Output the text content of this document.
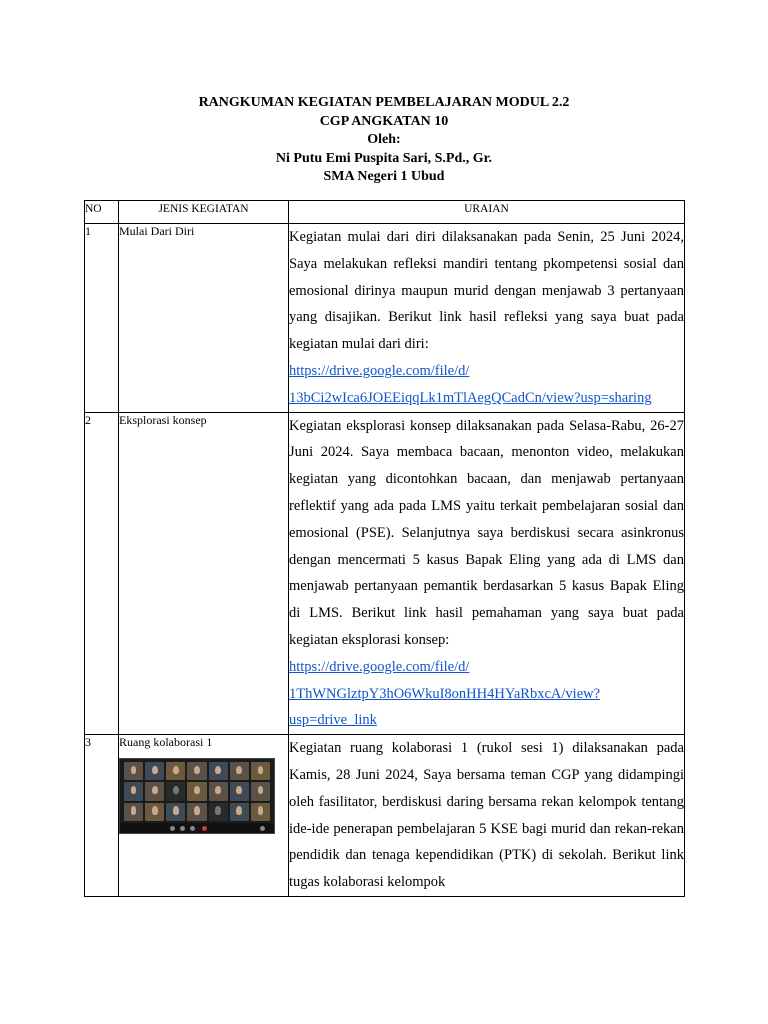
RANGKUMAN KEGIATAN PEMBELAJARAN MODUL 2.2
CGP ANGKATAN 10
Oleh:
Ni Putu Emi Puspita Sari, S.Pd., Gr.
SMA Negeri 1 Ubud
NO	JENIS KEGIATAN	URAIAN
1	Mulai Dari Diri	Kegiatan mulai dari diri dilaksanakan pada Senin, 25 Juni 2024, Saya melakukan refleksi mandiri tentang pkompetensi sosial dan emosional dirinya maupun murid dengan menjawab 3 pertanyaan yang disajikan. Berikut link hasil refleksi yang saya buat pada kegiatan mulai dari diri:
https://drive.google.com/file/d/
13bCi2wIca6JOEEiqqLk1mTlAegQCadCn/view?usp=sharing

2	Eksplorasi konsep	Kegiatan eksplorasi konsep dilaksanakan pada Selasa-Rabu, 26-27 Juni 2024. Saya membaca bacaan, menonton video, melakukan kegiatan yang dicontohkan bacaan, dan menjawab pertanyaan reflektif yang ada pada LMS yaitu terkait pembelajaran sosial dan emosional (PSE). Selanjutnya saya berdiskusi secara asinkronus dengan mencermati 5 kasus Bapak Eling yang ada di LMS dan menjawab pertanyaan pemantik berdasarkan 5 kasus Bapak Eling di LMS. Berikut link hasil pemahaman yang saya buat pada kegiatan eksplorasi konsep:
https://drive.google.com/file/d/
1ThWNGlztpY3hO6WkuI8onHH4HYaRbxcA/view?
usp=drive_link

3	Ruang kolaborasi 1	Kegiatan ruang kolaborasi 1 (rukol sesi 1) dilaksanakan pada Kamis, 28 Juni 2024, Saya bersama teman CGP yang didampingi oleh fasilitator, berdiskusi daring bersama rekan kelompok tentang ide-ide penerapan pembelajaran 5 KSE bagi murid dan rekan-rekan pendidik dan tenaga kependidikan (PTK) di sekolah. Berikut link tugas kolaborasi kelompok
